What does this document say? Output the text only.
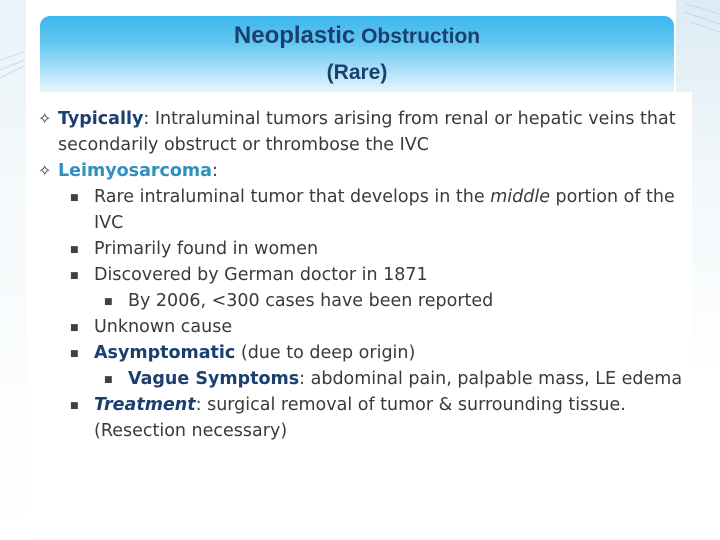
Neoplastic Obstruction
(Rare)
✧ Typically: Intraluminal tumors arising from renal or hepatic veins that secondarily obstruct or thrombose the IVC
✧ Leimyosarcoma:
■ Rare intraluminal tumor that develops in the middle portion of the IVC
■ Primarily found in women
■ Discovered by German doctor in 1871
■ By 2006, <300 cases have been reported
■ Unknown cause
■ Asymptomatic (due to deep origin)
■ Vague Symptoms: abdominal pain, palpable mass, LE edema
■ Treatment: surgical removal of tumor & surrounding tissue. (Resection necessary)
